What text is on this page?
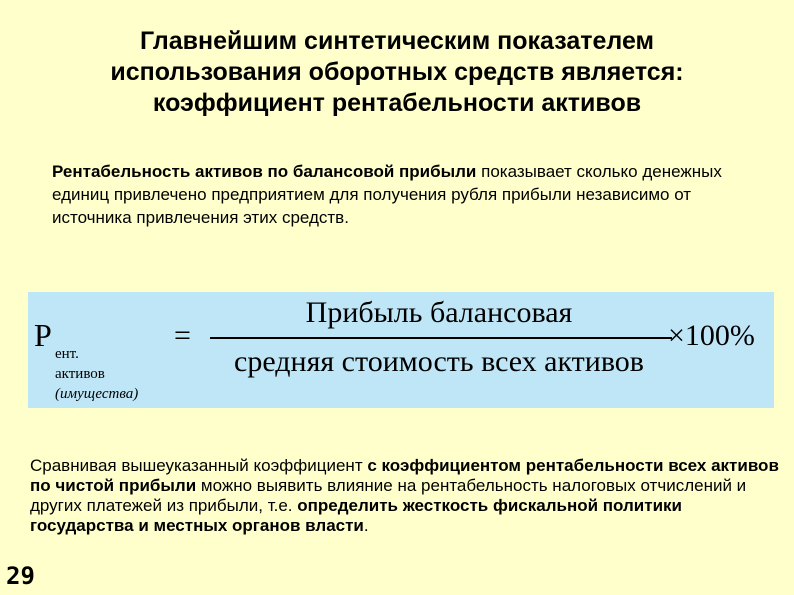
Главнейшим синтетическим показателем
использования оборотных средств является:
коэффициент рентабельности активов
Рентабельность активов по балансовой прибыли показывает сколько денежных единиц привлечено предприятием для получения рубля прибыли независимо от источника привлечения этих средств.
Р
ент.
активов
(имущества)
=
Прибыль балансовая
средняя стоимость всех активов
×100%
Сравнивая вышеуказанный коэффициент с коэффициентом рентабельности всех активов по чистой прибыли можно выявить влияние на рентабельность налоговых отчислений и других платежей из прибыли, т.е. определить жесткость фискальной политики государства и местных органов власти.
29
